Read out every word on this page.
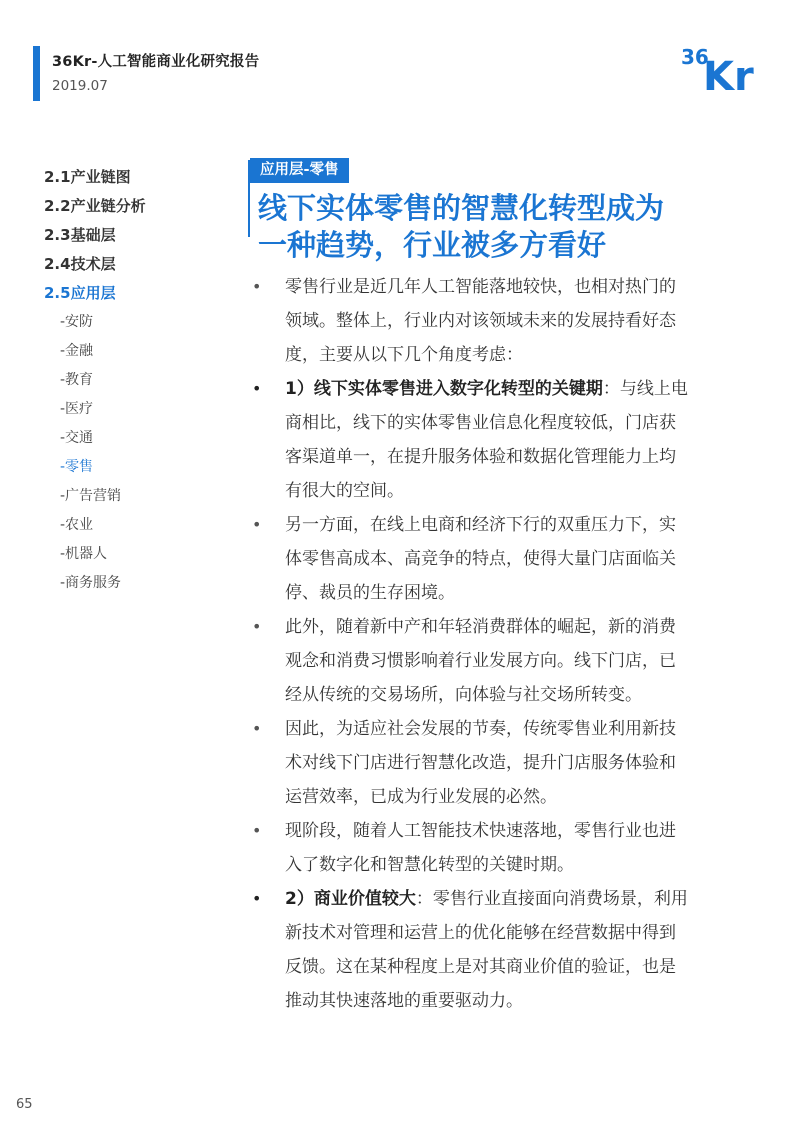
36Kr-人工智能商业化研究报告
2019.07
36
Kr
2.1产业链图
2.2产业链分析
2.3基础层
2.4技术层
2.5应用层
-安防
-金融
-教育
-医疗
-交通
-零售
-广告营销
-农业
-机器人
-商务服务
应用层-零售
线下实体零售的智慧化转型成为
一种趋势，行业被多方看好
• 零售行业是近几年人工智能落地较快，也相对热门的
领域。整体上，行业内对该领域未来的发展持看好态
度，主要从以下几个角度考虑：
• 1）线下实体零售进入数字化转型的关键期：与线上电
商相比，线下的实体零售业信息化程度较低，门店获
客渠道单一，在提升服务体验和数据化管理能力上均
有很大的空间。
• 另一方面，在线上电商和经济下行的双重压力下，实
体零售高成本、高竞争的特点，使得大量门店面临关
停、裁员的生存困境。
• 此外，随着新中产和年轻消费群体的崛起，新的消费
观念和消费习惯影响着行业发展方向。线下门店，已
经从传统的交易场所，向体验与社交场所转变。
• 因此，为适应社会发展的节奏，传统零售业利用新技
术对线下门店进行智慧化改造，提升门店服务体验和
运营效率，已成为行业发展的必然。
• 现阶段，随着人工智能技术快速落地，零售行业也进
入了数字化和智慧化转型的关键时期。
• 2）商业价值较大：零售行业直接面向消费场景，利用
新技术对管理和运营上的优化能够在经营数据中得到
反馈。这在某种程度上是对其商业价值的验证，也是
推动其快速落地的重要驱动力。
65
